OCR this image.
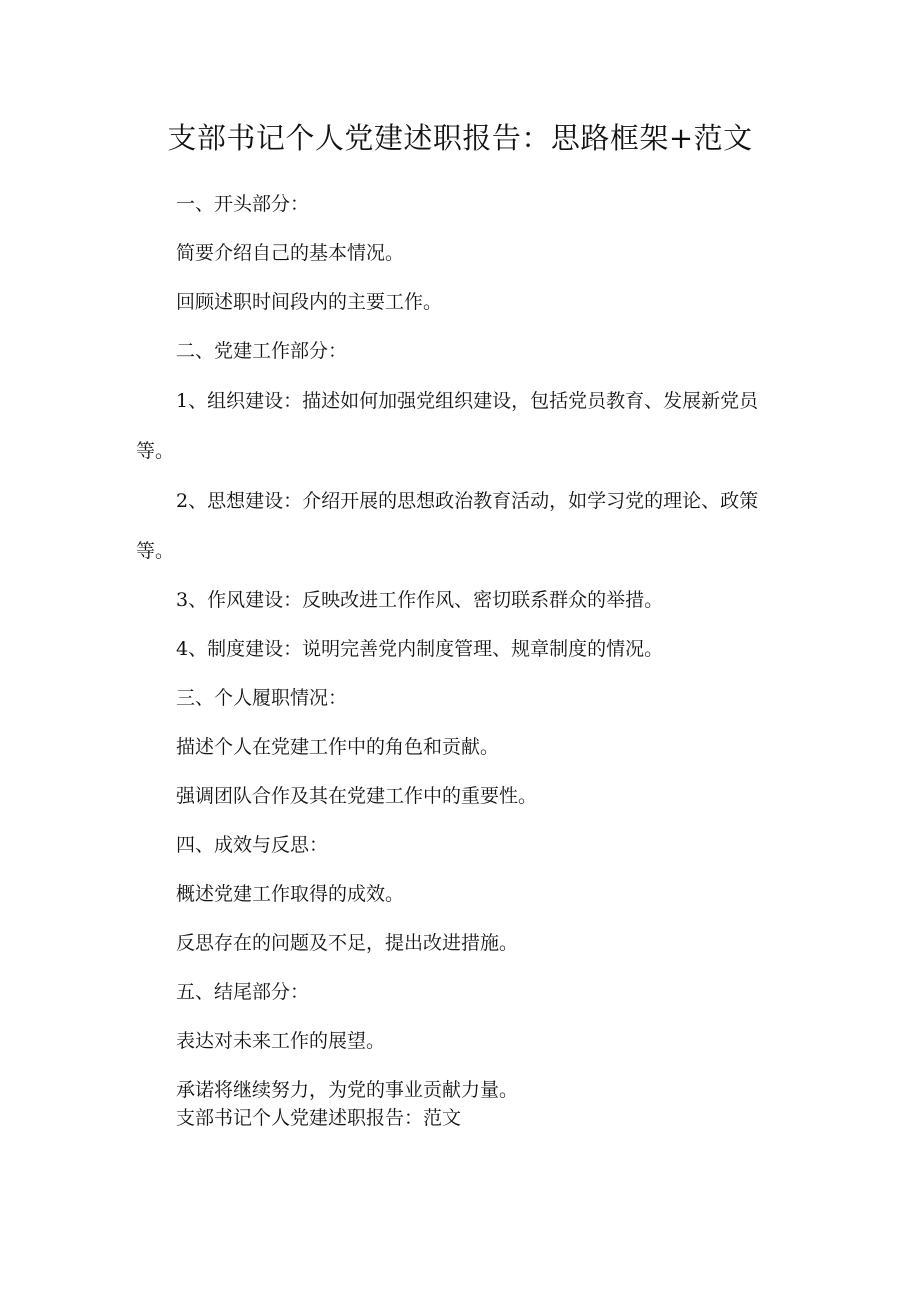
支部书记个人党建述职报告：思路框架+范文

一、开头部分：

简要介绍自己的基本情况。

回顾述职时间段内的主要工作。

二、党建工作部分：

1、组织建设：描述如何加强党组织建设，包括党员教育、发展新党员等。

2、思想建设：介绍开展的思想政治教育活动，如学习党的理论、政策等。

3、作风建设：反映改进工作作风、密切联系群众的举措。

4、制度建设：说明完善党内制度管理、规章制度的情况。

三、个人履职情况：

描述个人在党建工作中的角色和贡献。

强调团队合作及其在党建工作中的重要性。

四、成效与反思：

概述党建工作取得的成效。

反思存在的问题及不足，提出改进措施。

五、结尾部分：

表达对未来工作的展望。

承诺将继续努力，为党的事业贡献力量。

支部书记个人党建述职报告：范文
